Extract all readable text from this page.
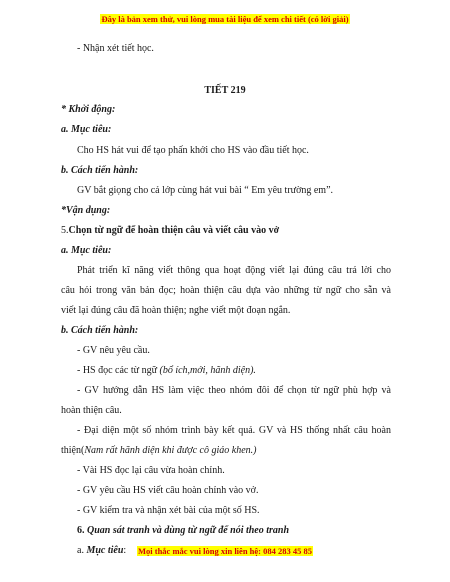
Đây là bản xem thử, vui lòng mua tài liệu để xem chi tiết (có lời giải)
- Nhận xét tiết học.
TIẾT 219
* Khởi động:
a. Mục tiêu:
Cho HS hát vui để tạo phấn khởi cho HS vào đầu tiết học.
b. Cách tiến hành:
GV bắt giọng cho cả lớp cùng hát vui bài “ Em yêu trường em”.
*Vận dụng:
5.Chọn từ ngữ để hoàn thiện câu và viết câu vào vở
a. Mục tiêu:
Phát triển kĩ năng viết thông qua hoạt động viết lại đúng câu trả lời cho
câu hỏi trong văn bản đọc; hoàn thiện câu dựa vào những từ ngữ cho sẵn và
viết lại đúng câu đã hoàn thiện; nghe viết một đoạn ngắn.
b. Cách tiến hành:
- GV nêu yêu cầu.
- HS đọc các từ ngữ (bổ ích,mới, hãnh diện).
- GV hướng dẫn HS làm việc theo nhóm đôi để chọn từ ngữ phù hợp và
hoàn thiện câu.
- Đại diện một số nhóm trình bày kết quả. GV và HS thống nhất câu hoàn
thiện(Nam rất hãnh diện khi được cô giáo khen.)
- Vài HS đọc lại câu vừa hoàn chỉnh.
- GV yêu cầu HS viết câu hoàn chỉnh vào vở.
- GV kiểm tra và nhận xét bài của một số HS.
6. Quan sát tranh và dùng từ ngữ để nói theo tranh
a. Mục tiêu:	Mọi thắc mắc vui lòng xin liên hệ: 084 283 45 85
